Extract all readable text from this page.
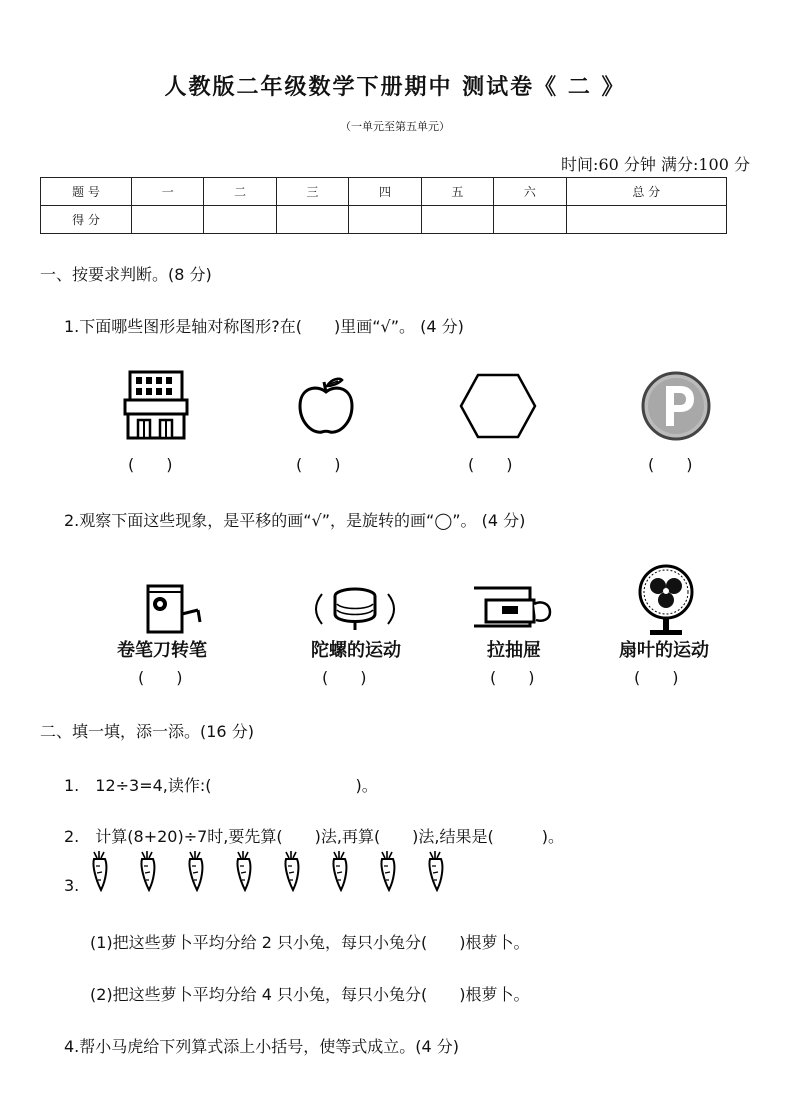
人教版二年级数学下册期中 测试卷《 二 》
（一单元至第五单元）
时间:60 分钟 满分:100 分
题 号	一	二	三	四	五	六	总 分
得 分							
一、按要求判断。(8 分)
1.下面哪些图形是轴对称图形?在(　　)里画“√”。 (4 分)
(　　)	(　　)	(　　)	(　　)
2.观察下面这些现象，是平移的画“√”，是旋转的画“◯”。 (4 分)
卷笔刀转笔	陀螺的运动	拉抽屉	扇叶的运动
(　　)	(　　)	(　　)	(　　)
二、填一填，添一添。(16 分)
1.　12÷3=4,读作:(　　　　　　　　　)。
2.　计算(8+20)÷7时,要先算(　　)法,再算(　　)法,结果是(　　　)。
3.
(1)把这些萝卜平均分给 2 只小兔，每只小兔分(　　)根萝卜。
(2)把这些萝卜平均分给 4 只小兔，每只小兔分(　　)根萝卜。
4.帮小马虎给下列算式添上小括号，使等式成立。(4 分)
